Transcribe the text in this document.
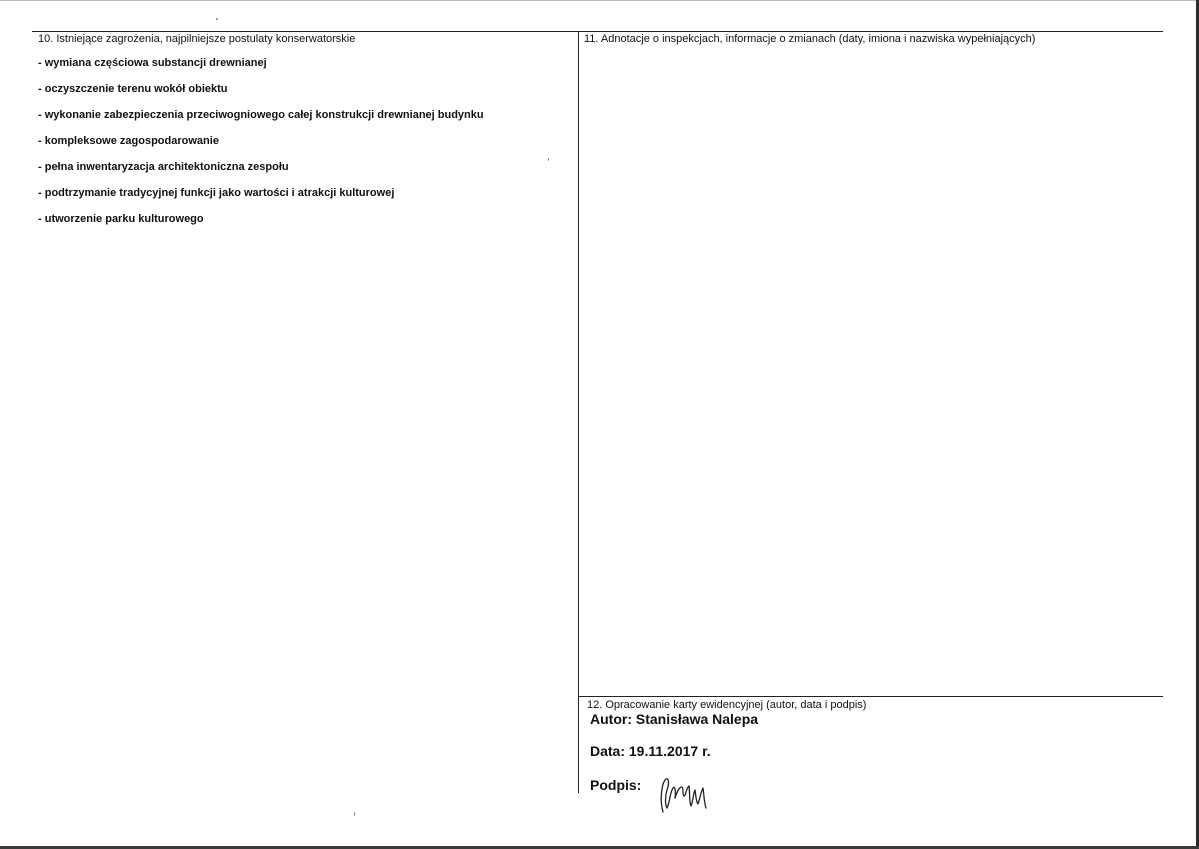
10. Istniejące zagrożenia, najpilniejsze postulaty konserwatorskie
- wymiana częściowa substancji drewnianej
- oczyszczenie terenu wokół obiektu
- wykonanie zabezpieczenia przeciwogniowego całej konstrukcji drewnianej budynku
- kompleksowe zagospodarowanie
- pełna inwentaryzacja architektoniczna zespołu
- podtrzymanie tradycyjnej funkcji jako wartości i atrakcji kulturowej
- utworzenie parku kulturowego
11. Adnotacje o inspekcjach, informacje o zmianach (daty, imiona i nazwiska wypełniających)
12. Opracowanie karty ewidencyjnej (autor, data i podpis)
Autor: Stanisława Nalepa
Data: 19.11.2017 r.
Podpis:
